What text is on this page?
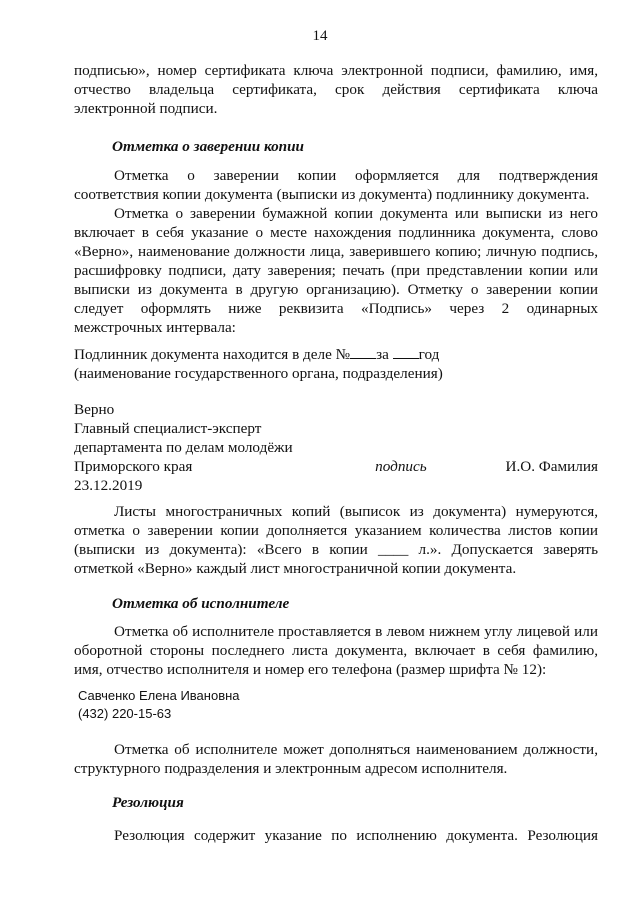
14
подписью», номер сертификата ключа электронной подписи, фамилию, имя,
отчество владельца сертификата, срок действия сертификата ключа
электронной подписи.
Отметка о заверении копии
Отметка о заверении копии оформляется для подтверждения
соответствия копии документа (выписки из документа) подлиннику документа.
Отметка о заверении бумажной копии документа или выписки из него
включает в себя указание о месте нахождения подлинника документа, слово
«Верно», наименование должности лица, заверившего копию; личную подпись,
расшифровку подписи, дату заверения; печать (при представлении копии или
выписки из документа в другую организацию). Отметку о заверении копии
следует оформлять ниже реквизита «Подпись» через 2 одинарных
межстрочных интервала:
Подлинник документа находится в деле № за год
(наименование государственного органа, подразделения)
Верно
Главный специалист-эксперт
департамента по делам молодёжи
Приморского края	подпись	И.О. Фамилия
23.12.2019
Листы многостраничных копий (выписок из документа) нумеруются,
отметка о заверении копии дополняется указанием количества листов копии
(выписки из документа): «Всего в копии ____ л.». Допускается заверять
отметкой «Верно» каждый лист многостраничной копии документа.
Отметка об исполнителе
Отметка об исполнителе проставляется в левом нижнем углу лицевой или
оборотной стороны последнего листа документа, включает в себя фамилию,
имя, отчество исполнителя и номер его телефона (размер шрифта № 12):
Савченко Елена Ивановна
(432) 220-15-63
Отметка об исполнителе может дополняться наименованием должности,
структурного подразделения и электронным адресом исполнителя.
Резолюция
Резолюция содержит указание по исполнению документа. Резолюция
